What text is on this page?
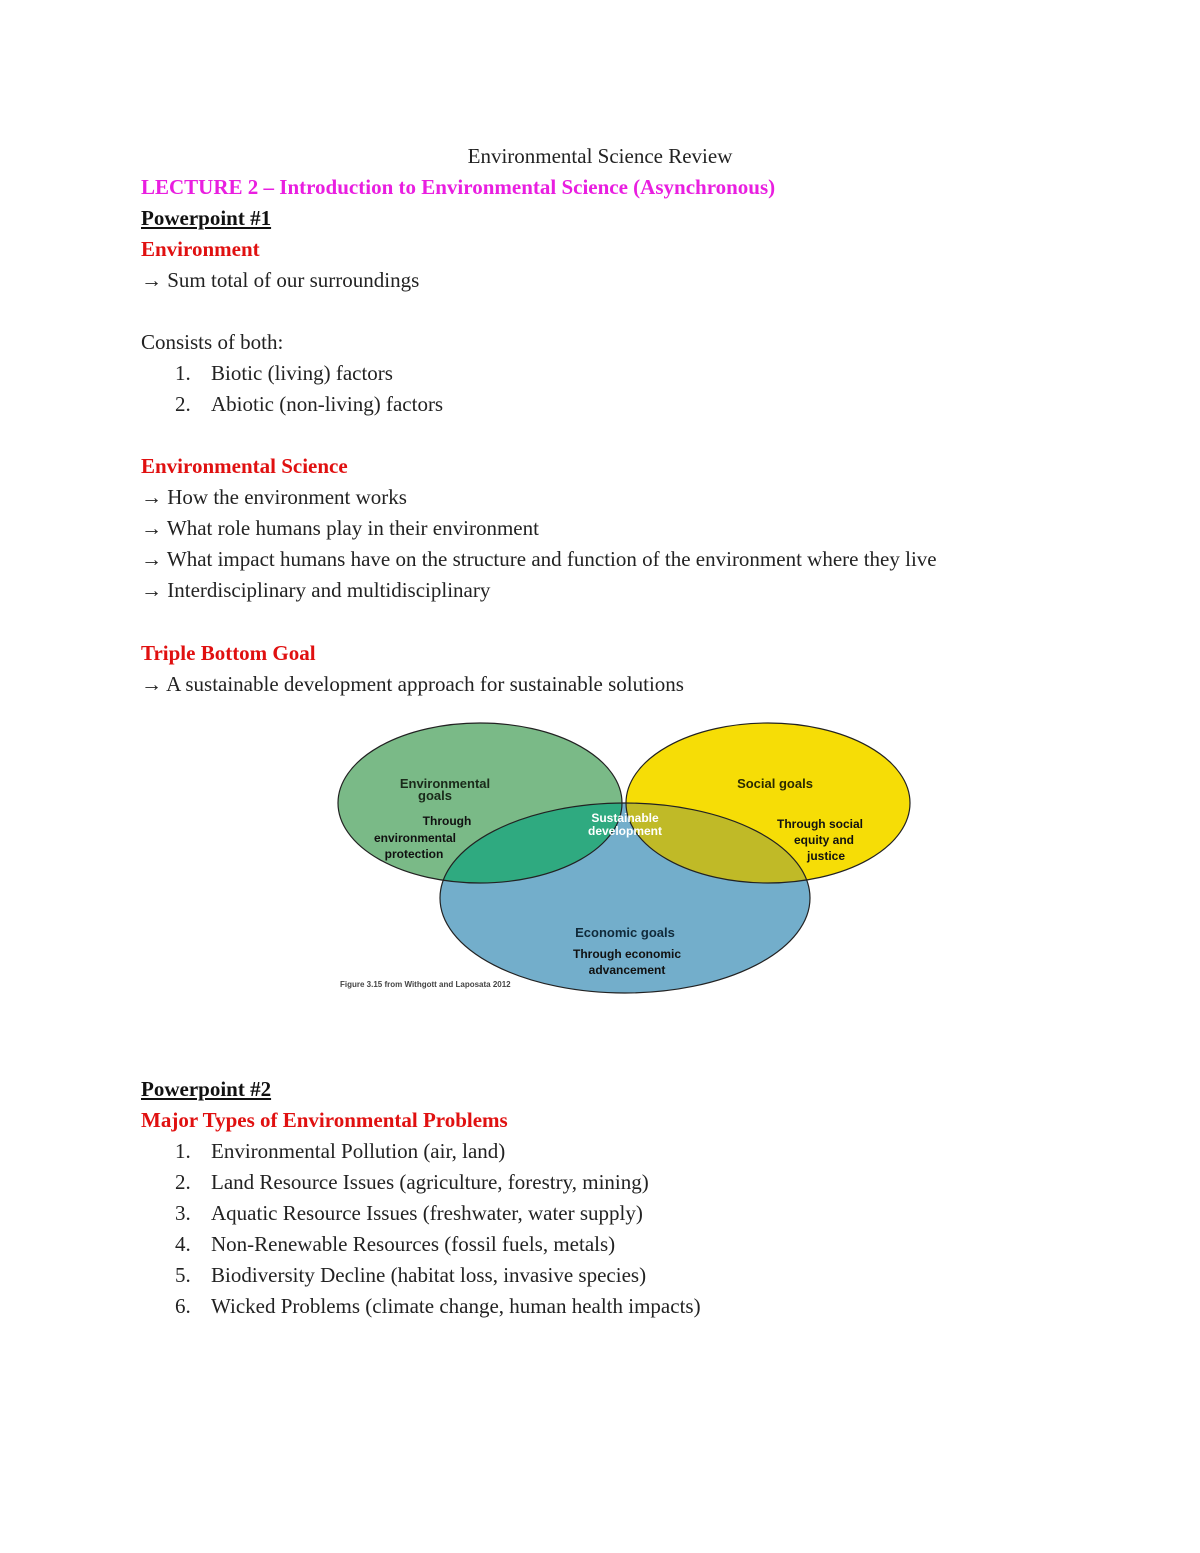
Environmental Science Review
LECTURE 2 – Introduction to Environmental Science (Asynchronous)
Powerpoint #1
Environment
→ Sum total of our surroundings
Consists of both:
1. Biotic (living) factors
2. Abiotic (non-living) factors
Environmental Science
→ How the environment works
→ What role humans play in their environment
→ What impact humans have on the structure and function of the environment where they live
→ Interdisciplinary and multidisciplinary
Triple Bottom Goal
→ A sustainable development approach for sustainable solutions
Environmental
goals
Through
environmental
protection
Social goals
Through social
equity and
justice
Sustainable
development
Economic goals
Through economic
advancement
Figure 3.15 from Withgott and Laposata 2012
Powerpoint #2
Major Types of Environmental Problems
1. Environmental Pollution (air, land)
2. Land Resource Issues (agriculture, forestry, mining)
3. Aquatic Resource Issues (freshwater, water supply)
4. Non-Renewable Resources (fossil fuels, metals)
5. Biodiversity Decline (habitat loss, invasive species)
6. Wicked Problems (climate change, human health impacts)
